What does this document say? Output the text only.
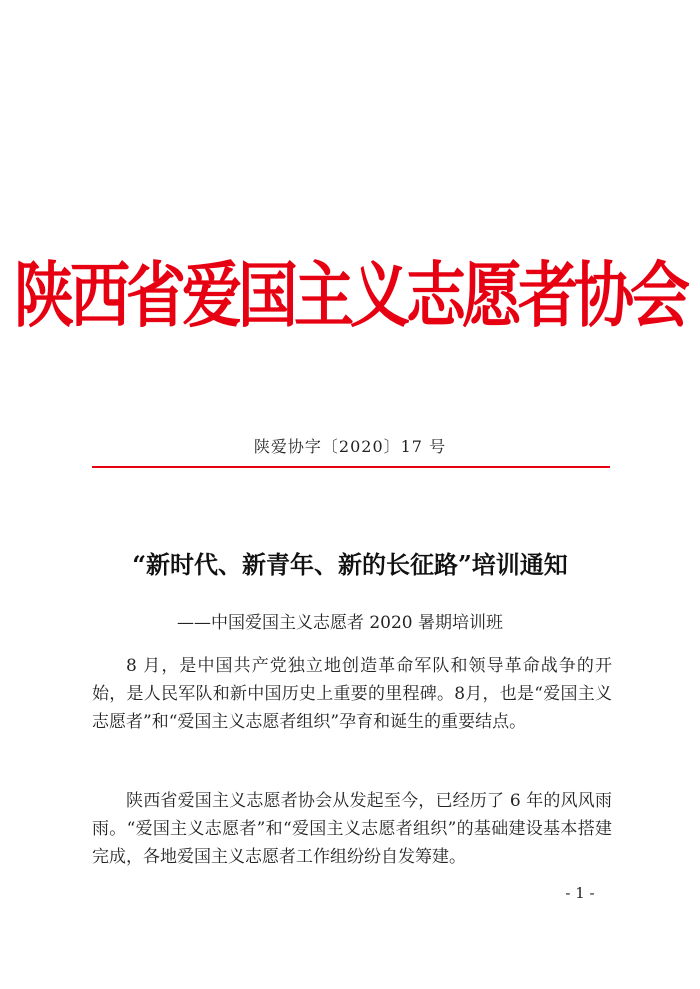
陕西省爱国主义志愿者协会
陕爱协字〔2020〕17 号
“新时代、新青年、新的长征路”培训通知
——中国爱国主义志愿者 2020 暑期培训班

8 月，是中国共产党独立地创造革命军队和领导革命战争的开始，是人民军队和新中国历史上重要的里程碑。8月，也是“爱国主义志愿者”和“爱国主义志愿者组织”孕育和诞生的重要结点。

陕西省爱国主义志愿者协会从发起至今，已经历了 6 年的风风雨雨。“爱国主义志愿者”和“爱国主义志愿者组织”的基础建设基本搭建完成，各地爱国主义志愿者工作组纷纷自发筹建。

- 1 -
